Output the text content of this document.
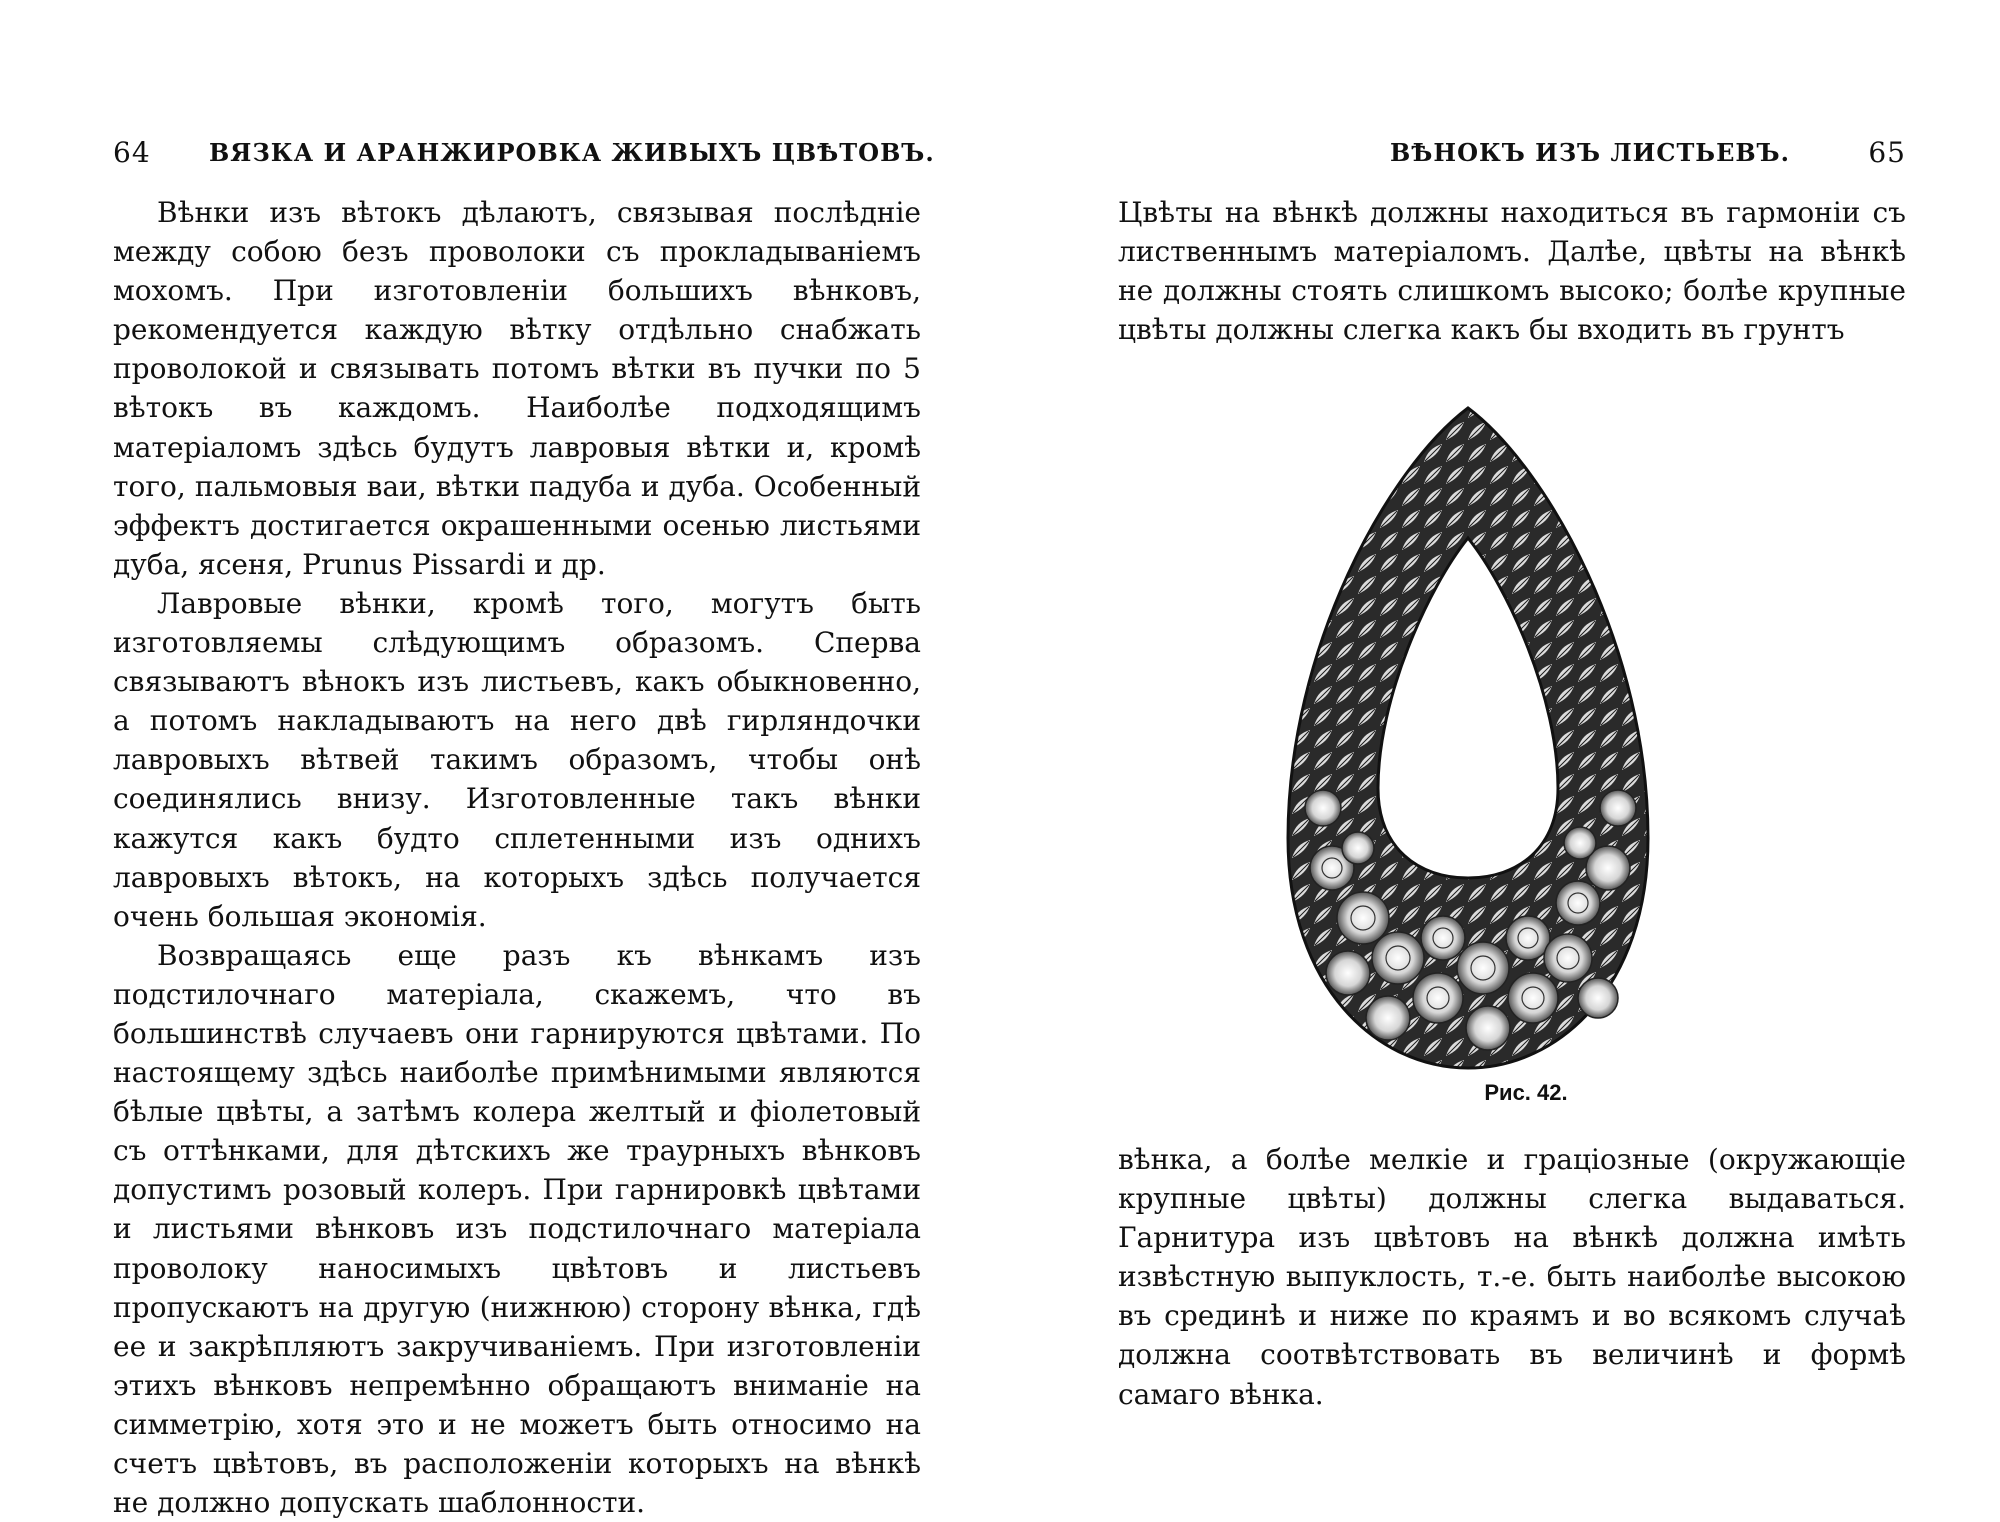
64 ВЯЗКА И АРАНЖИРОВКА ЖИВЫХЪ ЦВѢТОВЪ.

Вѣнки изъ вѣтокъ дѣлаютъ, связывая послѣдніе между собою безъ проволоки съ прокладываніемъ мохомъ. При изготовленіи большихъ вѣнковъ, рекомендуется каждую вѣтку отдѣльно снабжать проволокой и связывать потомъ вѣтки въ пучки по 5 вѣтокъ въ каждомъ. Наиболѣе подходящимъ матеріаломъ здѣсь будутъ лавровыя вѣтки и, кромѣ того, пальмовыя ваи, вѣтки падуба и дуба. Особенный эффектъ достигается окрашенными осенью листьями дуба, ясеня, Prunus Pissardi и др.

Лавровые вѣнки, кромѣ того, могутъ быть изготовляемы слѣдующимъ образомъ. Сперва связываютъ вѣнокъ изъ листьевъ, какъ обыкновенно, а потомъ накладываютъ на него двѣ гирляндочки лавровыхъ вѣтвей такимъ образомъ, чтобы онѣ соединялись внизу. Изготовленные такъ вѣнки кажутся какъ будто сплетенными изъ однихъ лавровыхъ вѣтокъ, на которыхъ здѣсь получается очень большая экономія.

Возвращаясь еще разъ къ вѣнкамъ изъ подстилочнаго матеріала, скажемъ, что въ большинствѣ случаевъ они гарнируются цвѣтами. По настоящему здѣсь наиболѣе примѣнимыми являются бѣлые цвѣты, а затѣмъ колера желтый и фіолетовый съ оттѣнками, для дѣтскихъ же траурныхъ вѣнковъ допустимъ розовый колеръ. При гарнировкѣ цвѣтами и листьями вѣнковъ изъ подстилочнаго матеріала проволоку наносимыхъ цвѣтовъ и листьевъ пропускаютъ на другую (нижнюю) сторону вѣнка, гдѣ ее и закрѣпляютъ закручиваніемъ. При изготовленіи этихъ вѣнковъ непремѣнно обращаютъ вниманіе на симметрію, хотя это и не можетъ быть относимо на счетъ цвѣтовъ, въ расположеніи которыхъ на вѣнкѣ не должно допускать шаблонности.

ВѢНОКЪ ИЗЪ ЛИСТЬЕВЪ.	65
Цвѣты на вѣнкѣ должны находиться въ гармоніи съ лиственнымъ матеріаломъ. Далѣе, цвѣты на вѣнкѣ не должны стоять слишкомъ высоко; болѣе крупные цвѣты должны слегка какъ бы входить въ грунтъ
Рис. 42.
вѣнка, а болѣе мелкіе и граціозные (окружающіе крупные цвѣты) должны слегка выдаваться. Гарнитура изъ цвѣтовъ на вѣнкѣ должна имѣть извѣстную выпуклость, т.-е. быть наиболѣе высокою въ срединѣ и ниже по краямъ и во всякомъ случаѣ должна соотвѣтствовать въ величинѣ и формѣ самаго вѣнка.
